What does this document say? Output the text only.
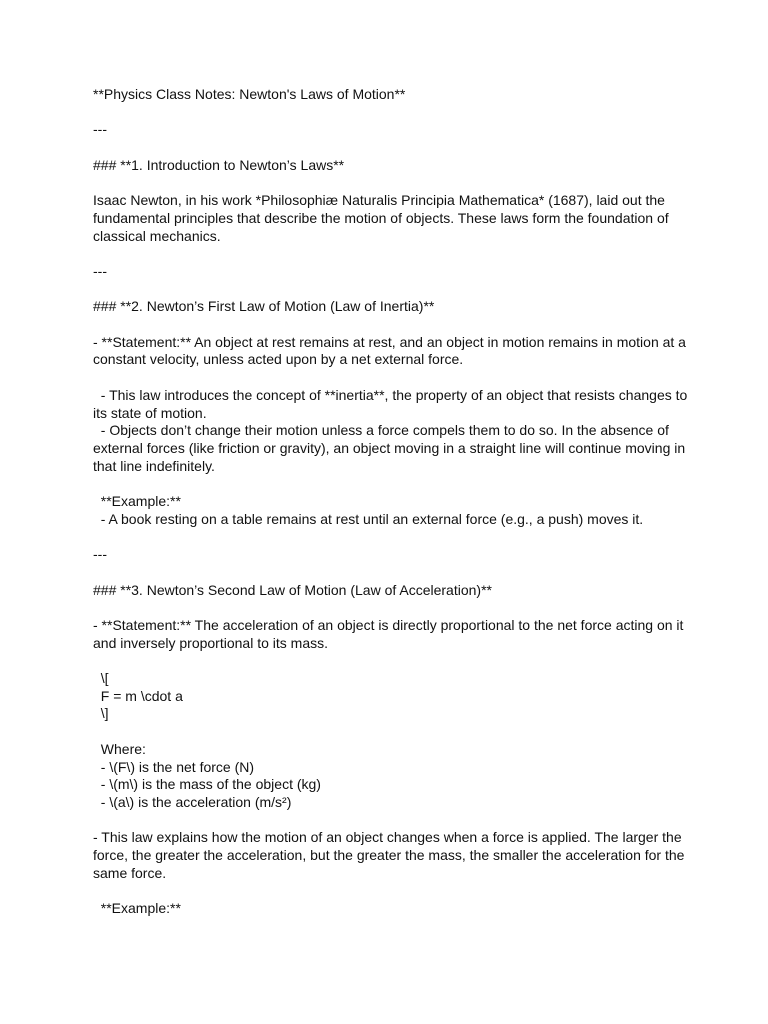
**Physics Class Notes: Newton's Laws of Motion**
---
### **1. Introduction to Newton’s Laws**
Isaac Newton, in his work *Philosophiæ Naturalis Principia Mathematica* (1687), laid out the fundamental principles that describe the motion of objects. These laws form the foundation of classical mechanics.
---
### **2. Newton’s First Law of Motion (Law of Inertia)**
- **Statement:** An object at rest remains at rest, and an object in motion remains in motion at a constant velocity, unless acted upon by a net external force.
- This law introduces the concept of **inertia**, the property of an object that resists changes to its state of motion.
- Objects don’t change their motion unless a force compels them to do so. In the absence of external forces (like friction or gravity), an object moving in a straight line will continue moving in that line indefinitely.
**Example:**
- A book resting on a table remains at rest until an external force (e.g., a push) moves it.
---
### **3. Newton’s Second Law of Motion (Law of Acceleration)**
- **Statement:** The acceleration of an object is directly proportional to the net force acting on it and inversely proportional to its mass.
\[
F = m \cdot a
\]
Where:
- \(F\) is the net force (N)
- \(m\) is the mass of the object (kg)
- \(a\) is the acceleration (m/s²)
- This law explains how the motion of an object changes when a force is applied. The larger the force, the greater the acceleration, but the greater the mass, the smaller the acceleration for the same force.
**Example:**
